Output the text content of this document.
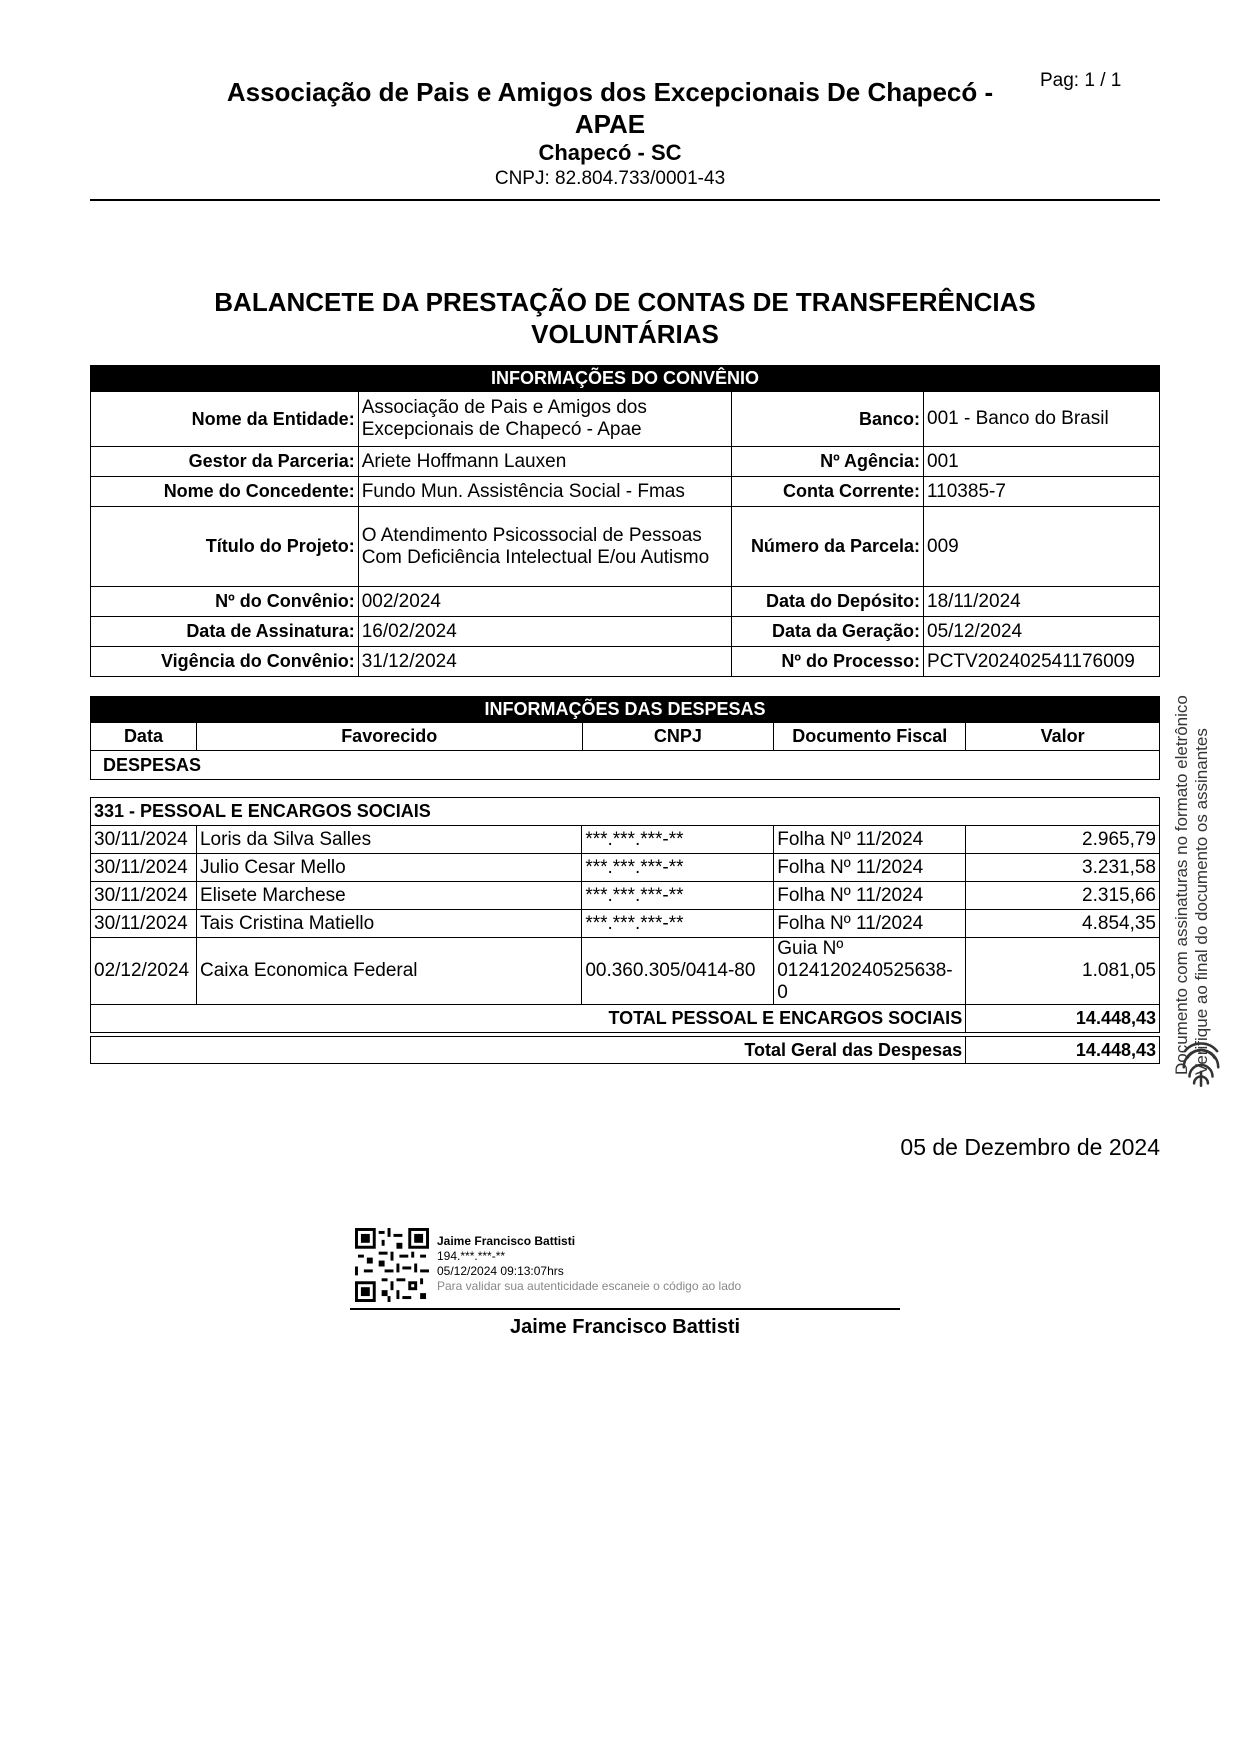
Associação de Pais e Amigos dos Excepcionais De Chapecó -
APAE
Pag: 1 / 1
Chapecó - SC
CNPJ: 82.804.733/0001-43
BALANCETE DA PRESTAÇÃO DE CONTAS DE TRANSFERÊNCIAS
VOLUNTÁRIAS
INFORMAÇÕES DO CONVÊNIO			
Nome da Entidade:	Associação de Pais e Amigos dos Excepcionais de Chapecó - Apae	Banco:	001 - Banco do Brasil
Gestor da Parceria:	Ariete Hoffmann Lauxen	Nº Agência:	001
Nome do Concedente:	Fundo Mun. Assistência Social - Fmas	Conta Corrente:	110385-7
Título do Projeto:	O Atendimento Psicossocial de Pessoas Com Deficiência Intelectual E/ou Autismo	Número da Parcela:	009
Nº do Convênio:	002/2024	Data do Depósito:	18/11/2024
Data de Assinatura:	16/02/2024	Data da Geração:	05/12/2024
Vigência do Convênio:	31/12/2024	Nº do Processo:	PCTV202402541176009
INFORMAÇÕES DAS DESPESAS
Data	Favorecido	CNPJ	Documento Fiscal	Valor
DESPESAS
331 - PESSOAL E ENCARGOS SOCIAIS				
30/11/2024	Loris da Silva Salles	***.***.***-**	Folha Nº 11/2024	2.965,79
30/11/2024	Julio Cesar Mello	***.***.***-**	Folha Nº 11/2024	3.231,58
30/11/2024	Elisete Marchese	***.***.***-**	Folha Nº 11/2024	2.315,66
30/11/2024	Tais Cristina Matiello	***.***.***-**	Folha Nº 11/2024	4.854,35
02/12/2024	Caixa Economica Federal	00.360.305/0414-80	Guia Nº 0124120240525638-0	1.081,05
TOTAL PESSOAL E ENCARGOS SOCIAIS				14.448,43
Total Geral das Despesas	14.448,43
05 de Dezembro de 2024
Jaime Francisco Battisti
194.***.***-**
05/12/2024 09:13:07hrs
Para validar sua autenticidade escaneie o código ao lado
Jaime Francisco Battisti
Documento com assinaturas no formato eletrônico Verifique ao final do documento os assinantes
